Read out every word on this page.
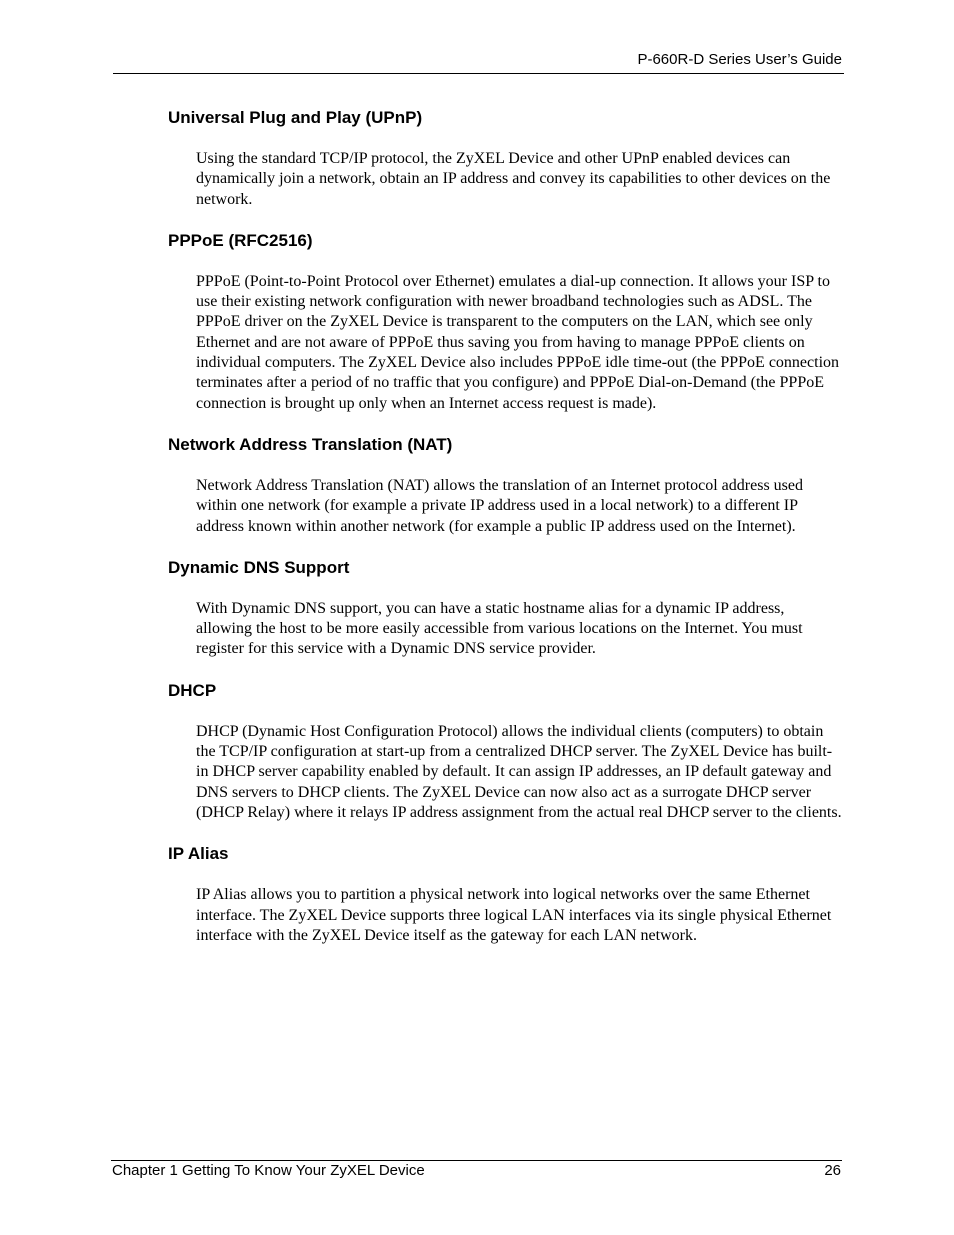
P-660R-D Series User’s Guide
Universal Plug and Play (UPnP)

Using the standard TCP/IP protocol, the ZyXEL Device and other UPnP enabled devices can dynamically join a network, obtain an IP address and convey its capabilities to other devices on the network.

PPPoE (RFC2516)

PPPoE (Point-to-Point Protocol over Ethernet) emulates a dial-up connection. It allows your ISP to use their existing network configuration with newer broadband technologies such as ADSL. The PPPoE driver on the ZyXEL Device is transparent to the computers on the LAN, which see only Ethernet and are not aware of PPPoE thus saving you from having to manage PPPoE clients on individual computers. The ZyXEL Device also includes PPPoE idle time-out (the PPPoE connection terminates after a period of no traffic that you configure) and PPPoE Dial-on-Demand (the PPPoE connection is brought up only when an Internet access request is made).

Network Address Translation (NAT)

Network Address Translation (NAT) allows the translation of an Internet protocol address used within one network (for example a private IP address used in a local network) to a different IP address known within another network (for example a public IP address used on the Internet).

Dynamic DNS Support

With Dynamic DNS support, you can have a static hostname alias for a dynamic IP address, allowing the host to be more easily accessible from various locations on the Internet. You must register for this service with a Dynamic DNS service provider.

DHCP

DHCP (Dynamic Host Configuration Protocol) allows the individual clients (computers) to obtain the TCP/IP configuration at start-up from a centralized DHCP server. The ZyXEL Device has built-in DHCP server capability enabled by default. It can assign IP addresses, an IP default gateway and DNS servers to DHCP clients. The ZyXEL Device can now also act as a surrogate DHCP server (DHCP Relay) where it relays IP address assignment from the actual real DHCP server to the clients.

IP Alias

IP Alias allows you to partition a physical network into logical networks over the same Ethernet interface. The ZyXEL Device supports three logical LAN interfaces via its single physical Ethernet interface with the ZyXEL Device itself as the gateway for each LAN network.

Chapter 1 Getting To Know Your ZyXEL Device	26
